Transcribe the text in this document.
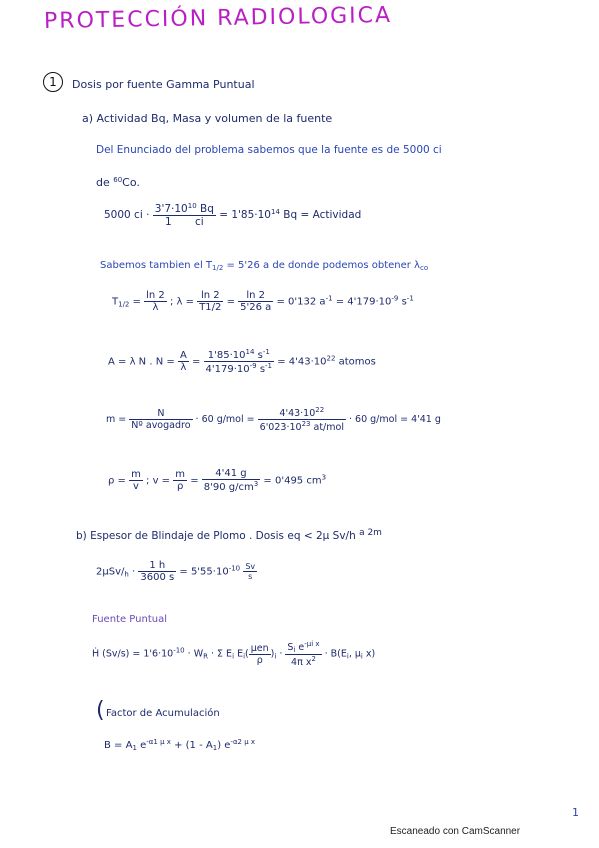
PROTECCIÓN RADIOLOGICA
1	Dosis por fuente Gamma Puntual
a) Actividad Bq, Masa y volumen de la fuente
Del Enunciado del problema sabemos que la fuente es de 5000 ci
de $^{60}$Co.
5000 ci · $\frac{3'7\cdot 10^{10} Bq}{1 ci} = 1'85\cdot 10^{14}$ Bq = Actividad
Sabemos tambien el $T_{1/2} = 5'26$ a de donde podemos obtener $\lambda_{co}$
$T_{1/2} = \frac{\ln 2}{\lambda}$ ; $\lambda = \frac{\ln 2}{T1/2} = \frac{\ln 2}{5'26 a} = 0'132$ $a^{-1} = 4'179\cdot 10^{-9}$ $s^{-1}$
A = λ N . $N = \frac{A}{\lambda} = \frac{1'85\cdot 10^{14} s^{-1}}{4'179\cdot 10^{-9} s^{-1}} = 4'43\cdot 10^{22}$ atomos
$m = \frac{N}{\text{Nº avogadro}} \cdot 60$ $g/mol = \frac{4'43\cdot 10^{22}}{6'023\cdot 10^{23} at/mol} \cdot 60$ g/mol = 4'41 g
$\rho = \frac{m}{v}$ ; $v = \frac{m}{\rho} = \frac{4'41 g}{8'90 g/cm^3} = 0'495$ $cm^3$
b) Espesor de Blindaje de Plomo . Dosis eq < 2μ Sv/h a 2m
$2\mu Sv/_h \cdot \frac{1 h}{3600 s} = 5'55\cdot 10^{-10} \frac{Sv}{s}$
Fuente Puntual
Ḣ $(Sv/s) = 1'6\cdot 10^{-10} \cdot W_R \cdot \Sigma$ $E_i$ $E_i( \frac{\text{μen}}{\rho} )_i \cdot \frac{S_i e^{-\mu i x}}{4\pi x^2} \cdot B(E_i$, $\mu_i$ x)
( Factor de Acumulación
$B = A_1$ $e^{-\alpha 1 \mu x} + (1 - A_1)$ $e^{-\alpha 2 \mu x}$
1
Escaneado con CamScanner
